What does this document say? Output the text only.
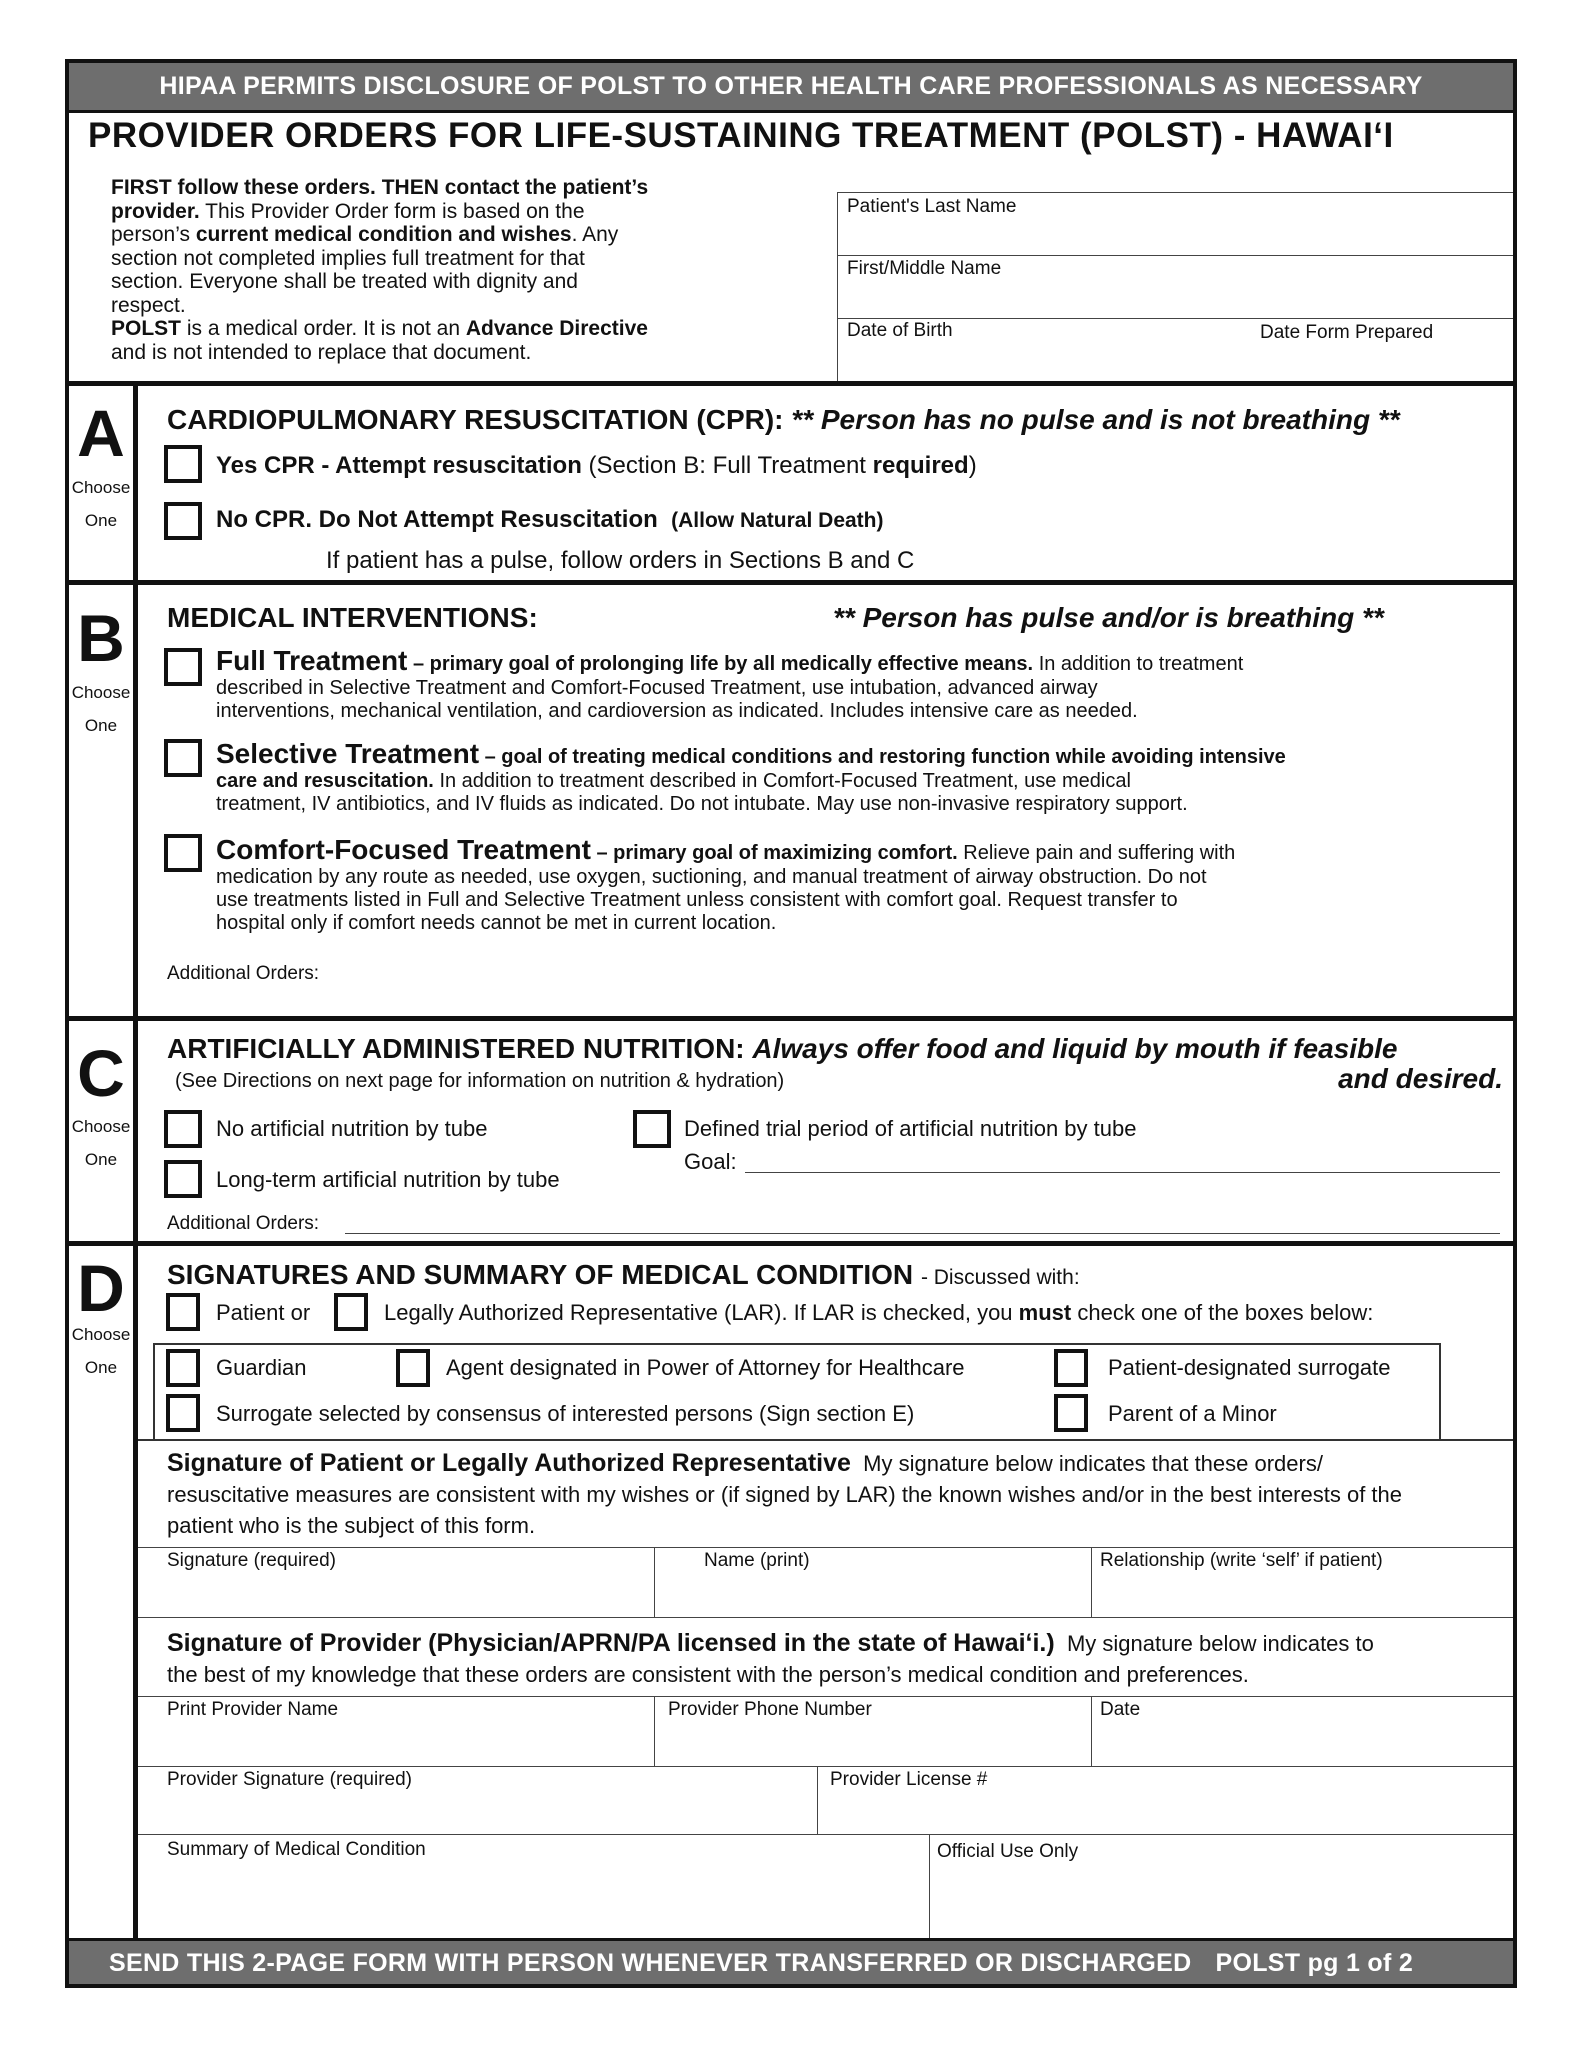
HIPAA PERMITS DISCLOSURE OF POLST TO OTHER HEALTH CARE PROFESSIONALS AS NECESSARY
PROVIDER ORDERS FOR LIFE-SUSTAINING TREATMENT (POLST) - HAWAI‘I

FIRST follow these orders. THEN contact the patient’s

provider. This Provider Order form is based on the

person’s current medical condition and wishes. Any

section not completed implies full treatment for that

section. Everyone shall be treated with dignity and

respect.

POLST is a medical order. It is not an Advance Directive

and is not intended to replace that document.

Patient's Last Name
First/Middle Name
Date of Birth	Date Form Prepared
A
Choose
One
CARDIOPULMONARY RESUSCITATION (CPR): ** Person has no pulse and is not breathing **
Yes CPR - Attempt resuscitation (Section B: Full Treatment required)
No CPR. Do Not Attempt Resuscitation (Allow Natural Death)
If patient has a pulse, follow orders in Sections B and C
B
Choose
One
MEDICAL INTERVENTIONS:	** Person has pulse and/or is breathing **
Full Treatment – primary goal of prolonging life by all medically effective means. In addition to treatment
described in Selective Treatment and Comfort-Focused Treatment, use intubation, advanced airway
interventions, mechanical ventilation, and cardioversion as indicated. Includes intensive care as needed.
Selective Treatment – goal of treating medical conditions and restoring function while avoiding intensive
care and resuscitation. In addition to treatment described in Comfort-Focused Treatment, use medical
treatment, IV antibiotics, and IV fluids as indicated. Do not intubate. May use non-invasive respiratory support.
Comfort-Focused Treatment – primary goal of maximizing comfort. Relieve pain and suffering with
medication by any route as needed, use oxygen, suctioning, and manual treatment of airway obstruction. Do not
use treatments listed in Full and Selective Treatment unless consistent with comfort goal. Request transfer to
hospital only if comfort needs cannot be met in current location.
Additional Orders:
C
Choose
One
ARTIFICIALLY ADMINISTERED NUTRITION: Always offer food and liquid by mouth if feasible
and desired.
(See Directions on next page for information on nutrition & hydration)
No artificial nutrition by tube	Defined trial period of artificial nutrition by tube
Goal:
Long-term artificial nutrition by tube
Additional Orders:
D
Choose
One
SIGNATURES AND SUMMARY OF MEDICAL CONDITION - Discussed with:
Patient or	Legally Authorized Representative (LAR). If LAR is checked, you must check one of the boxes below:
Guardian	Agent designated in Power of Attorney for Healthcare	Patient-designated surrogate
Surrogate selected by consensus of interested persons (Sign section E)	Parent of a Minor
Signature of Patient or Legally Authorized Representative My signature below indicates that these orders/
resuscitative measures are consistent with my wishes or (if signed by LAR) the known wishes and/or in the best interests of the
patient who is the subject of this form.
Signature (required)	Name (print)	Relationship (write ‘self’ if patient)
Signature of Provider (Physician/APRN/PA licensed in the state of Hawai‘i.) My signature below indicates to
the best of my knowledge that these orders are consistent with the person’s medical condition and preferences.
Print Provider Name	Provider Phone Number	Date
Provider Signature (required)	Provider License #
Summary of Medical Condition	Official Use Only
SEND THIS 2-PAGE FORM WITH PERSON WHENEVER TRANSFERRED OR DISCHARGED POLST pg 1 of 2
